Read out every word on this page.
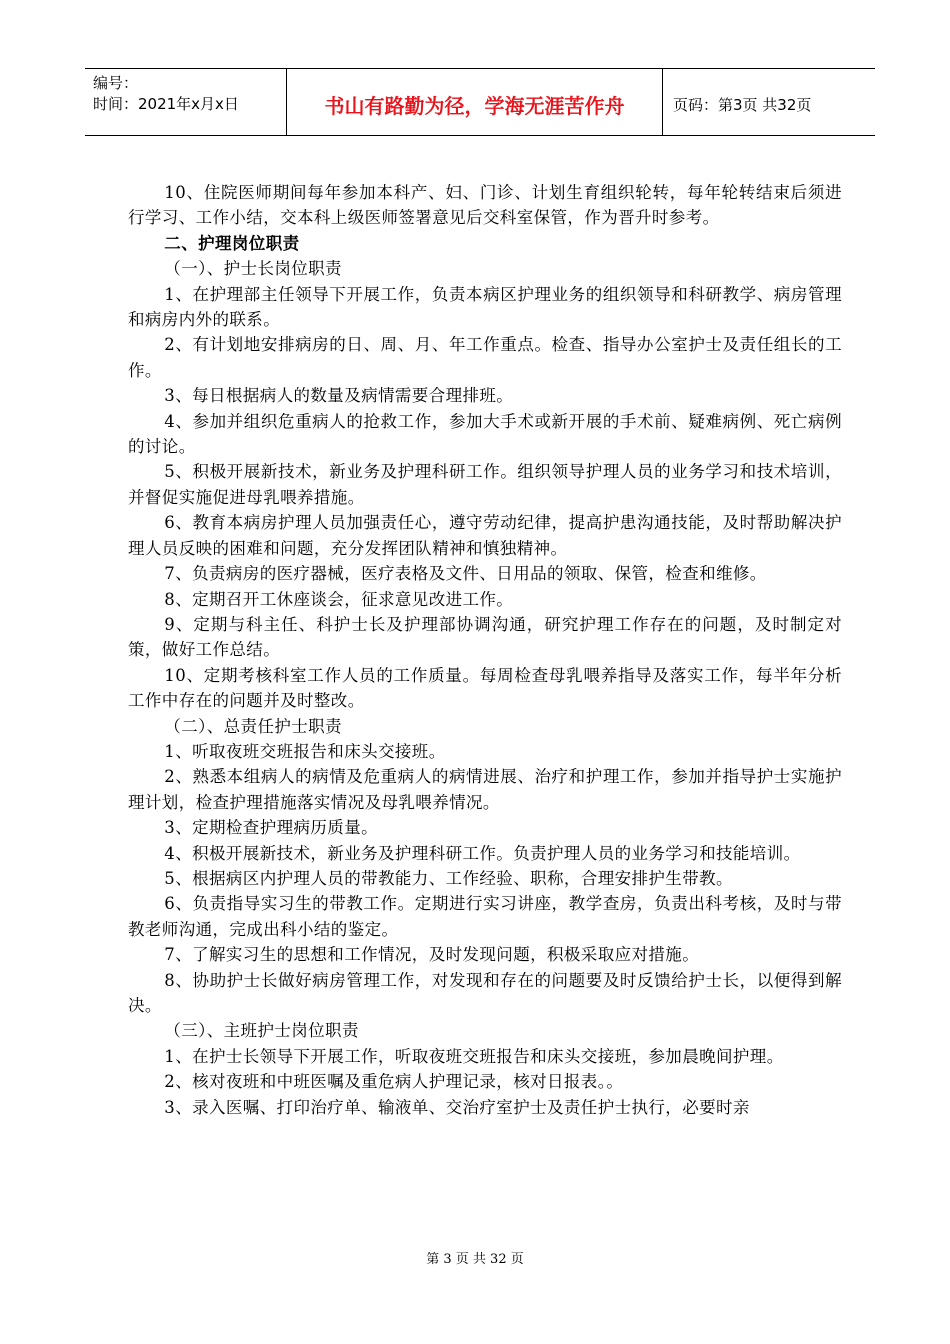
编号：
时间：2021年x月x日	书山有路勤为径，学海无涯苦作舟	页码：第3页 共32页

10、住院医师期间每年参加本科产、妇、门诊、计划生育组织轮转，每年轮转结束后须进行学习、工作小结，交本科上级医师签署意见后交科室保管，作为晋升时参考。

二、护理岗位职责

（一）、护士长岗位职责

1、在护理部主任领导下开展工作，负责本病区护理业务的组织领导和科研教学、病房管理和病房内外的联系。

2、有计划地安排病房的日、周、月、年工作重点。检查、指导办公室护士及责任组长的工作。

3、每日根据病人的数量及病情需要合理排班。

4、参加并组织危重病人的抢救工作，参加大手术或新开展的手术前、疑难病例、死亡病例的讨论。

5、积极开展新技术，新业务及护理科研工作。组织领导护理人员的业务学习和技术培训，并督促实施促进母乳喂养措施。

6、教育本病房护理人员加强责任心，遵守劳动纪律，提高护患沟通技能，及时帮助解决护理人员反映的困难和问题，充分发挥团队精神和慎独精神。

7、负责病房的医疗器械，医疗表格及文件、日用品的领取、保管，检查和维修。

8、定期召开工休座谈会，征求意见改进工作。

9、定期与科主任、科护士长及护理部协调沟通，研究护理工作存在的问题，及时制定对策，做好工作总结。

10、定期考核科室工作人员的工作质量。每周检查母乳喂养指导及落实工作，每半年分析工作中存在的问题并及时整改。

（二）、总责任护士职责

1、听取夜班交班报告和床头交接班。

2、熟悉本组病人的病情及危重病人的病情进展、治疗和护理工作，参加并指导护士实施护理计划，检查护理措施落实情况及母乳喂养情况。

3、定期检查护理病历质量。

4、积极开展新技术，新业务及护理科研工作。负责护理人员的业务学习和技能培训。

5、根据病区内护理人员的带教能力、工作经验、职称，合理安排护生带教。

6、负责指导实习生的带教工作。定期进行实习讲座，教学查房，负责出科考核，及时与带教老师沟通，完成出科小结的鉴定。

7、了解实习生的思想和工作情况，及时发现问题，积极采取应对措施。

8、协助护士长做好病房管理工作，对发现和存在的问题要及时反馈给护士长，以便得到解决。

（三）、主班护士岗位职责

1、在护士长领导下开展工作，听取夜班交班报告和床头交接班，参加晨晚间护理。

2、核对夜班和中班医嘱及重危病人护理记录，核对日报表。。

3、录入医嘱、打印治疗单、输液单、交治疗室护士及责任护士执行，必要时亲

第 3 页 共 32 页
